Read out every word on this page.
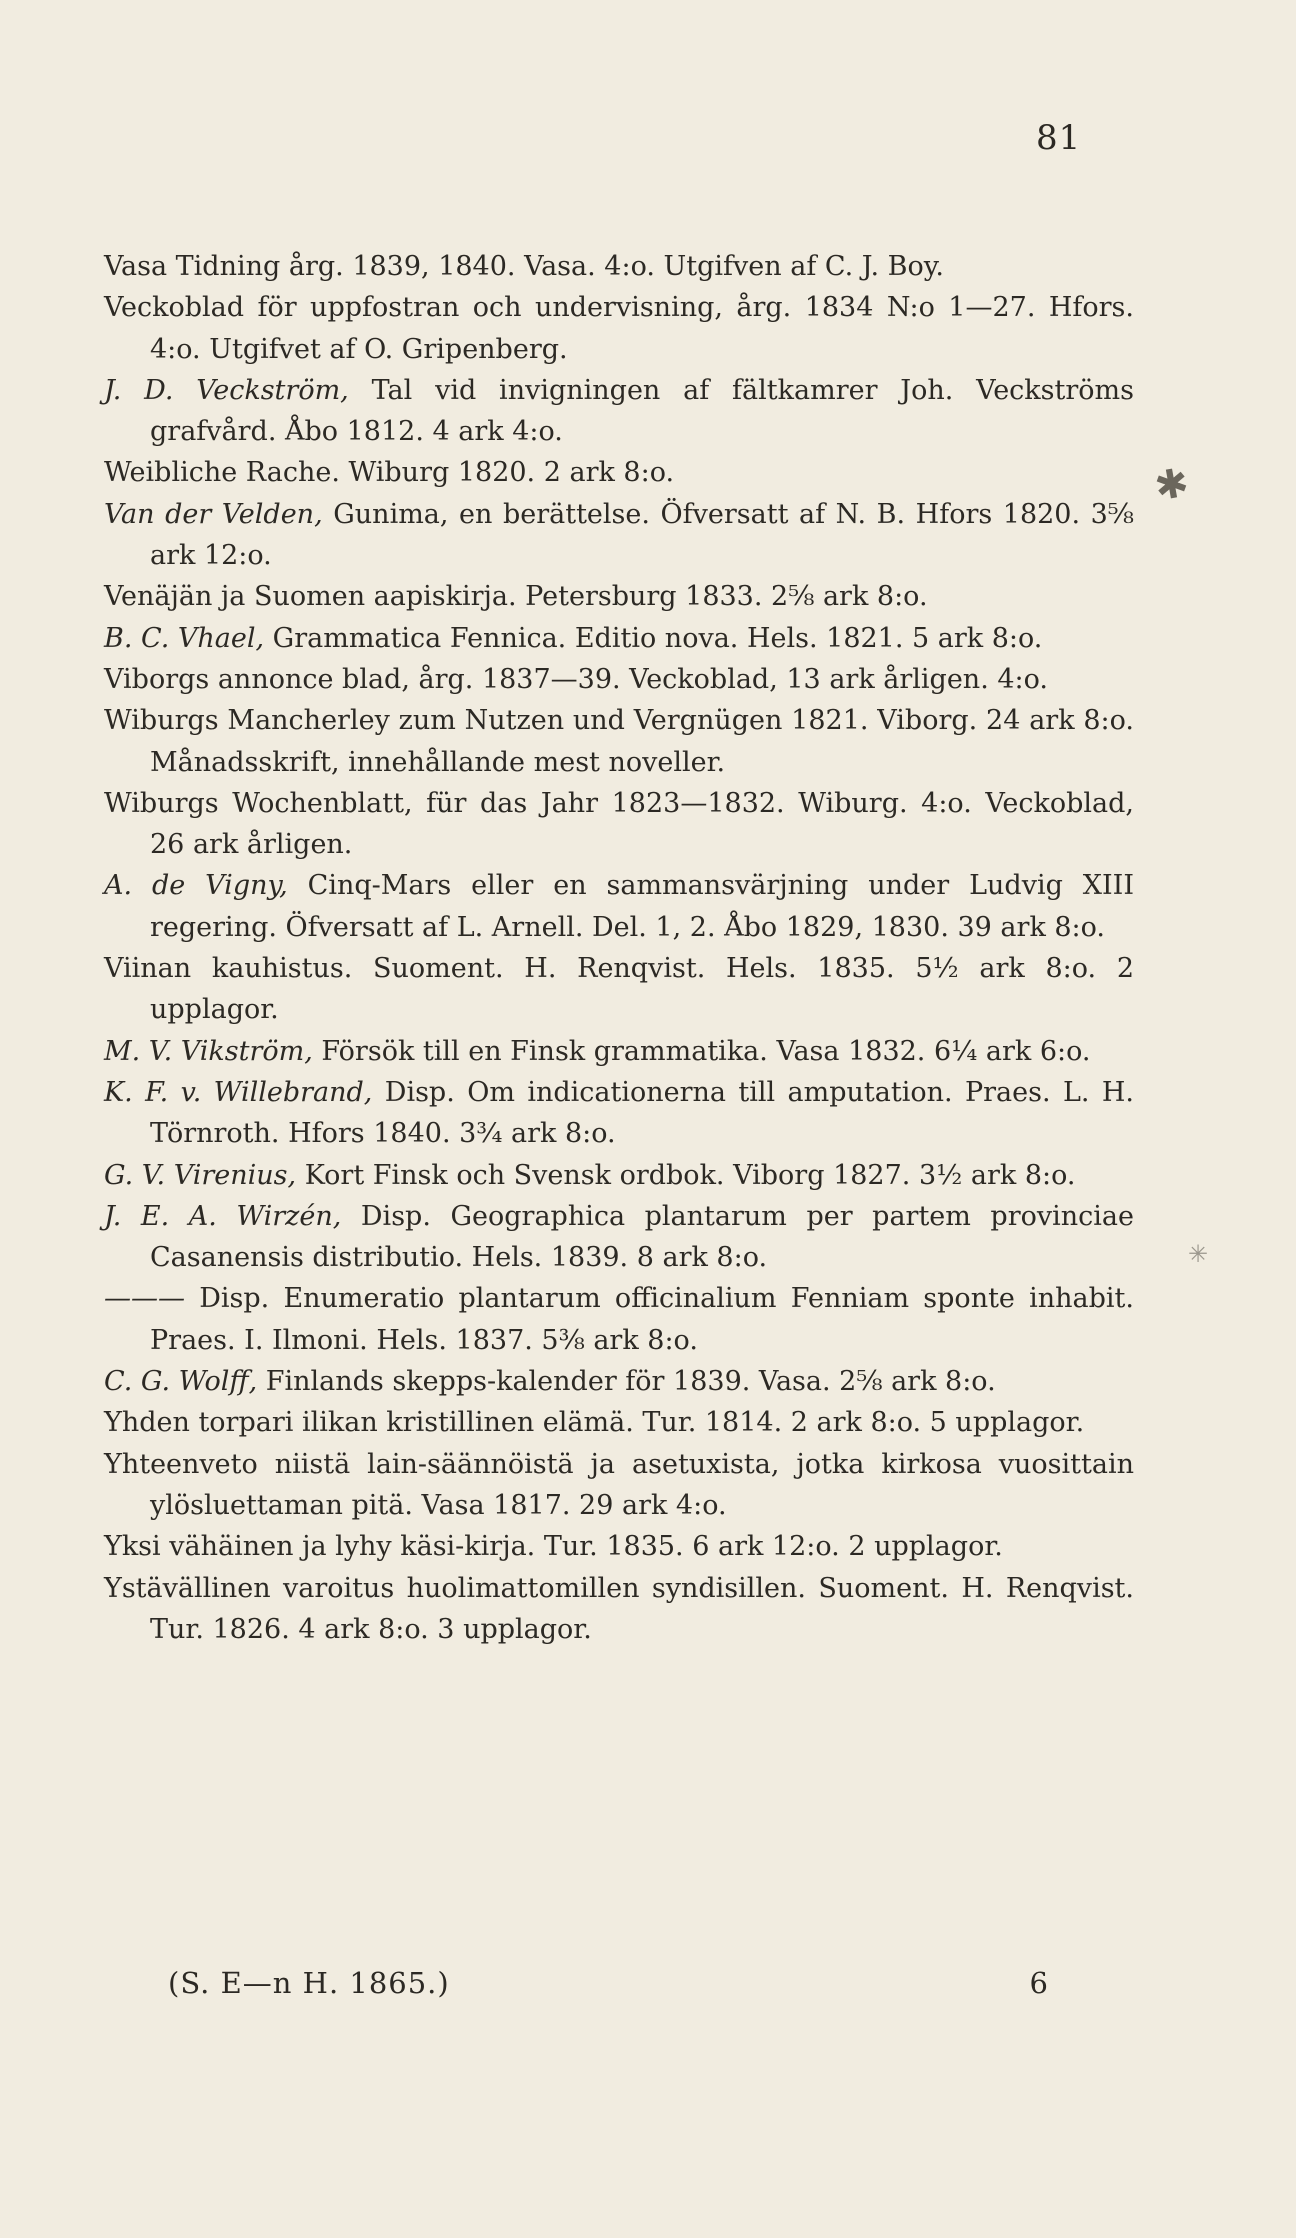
81
✱
✳
Vasa Tidning årg. 1839, 1840. Vasa. 4:o. Utgifven af C. J. Boy.
Veckoblad för uppfostran och undervisning, årg. 1834 N:o 1—27. Hfors. 4:o. Utgifvet af O. Gripenberg.
J. D. Veckström, Tal vid invigningen af fältkamrer Joh. Veckströms grafvård. Åbo 1812. 4 ark 4:o.
Weibliche Rache. Wiburg 1820. 2 ark 8:o.
Van der Velden, Gunima, en berättelse. Öfversatt af N. B. Hfors 1820. 3⅝ ark 12:o.
Venäjän ja Suomen aapiskirja. Petersburg 1833. 2⅝ ark 8:o.
B. C. Vhael, Grammatica Fennica. Editio nova. Hels. 1821. 5 ark 8:o.
Viborgs annonce blad, årg. 1837—39. Veckoblad, 13 ark årligen. 4:o.
Wiburgs Mancherley zum Nutzen und Vergnügen 1821. Viborg. 24 ark 8:o. Månadsskrift, innehållande mest noveller.
Wiburgs Wochenblatt, für das Jahr 1823—1832. Wiburg. 4:o. Veckoblad, 26 ark årligen.
A. de Vigny, Cinq-Mars eller en sammansvärjning under Ludvig XIII regering. Öfversatt af L. Arnell. Del. 1, 2. Åbo 1829, 1830. 39 ark 8:o.
Viinan kauhistus. Suoment. H. Renqvist. Hels. 1835. 5½ ark 8:o. 2 upplagor.
M. V. Vikström, Försök till en Finsk grammatika. Vasa 1832. 6¼ ark 6:o.
K. F. v. Willebrand, Disp. Om indicationerna till amputation. Praes. L. H. Törnroth. Hfors 1840. 3¾ ark 8:o.
G. V. Virenius, Kort Finsk och Svensk ordbok. Viborg 1827. 3½ ark 8:o.
J. E. A. Wirzén, Disp. Geographica plantarum per partem provinciae Casanensis distributio. Hels. 1839. 8 ark 8:o.
——— Disp. Enumeratio plantarum officinalium Fenniam sponte inhabit. Praes. I. Ilmoni. Hels. 1837. 5⅜ ark 8:o.
C. G. Wolff, Finlands skepps-kalender för 1839. Vasa. 2⅝ ark 8:o.
Yhden torpari ilikan kristillinen elämä. Tur. 1814. 2 ark 8:o. 5 upplagor.
Yhteenveto niistä lain-säännöistä ja asetuxista, jotka kirkosa vuosittain ylösluettaman pitä. Vasa 1817. 29 ark 4:o.
Yksi vähäinen ja lyhy käsi-kirja. Tur. 1835. 6 ark 12:o. 2 upplagor.
Ystävällinen varoitus huolimattomillen syndisillen. Suoment. H. Renqvist. Tur. 1826. 4 ark 8:o. 3 upplagor.
(S. E—n H. 1865.)	6
